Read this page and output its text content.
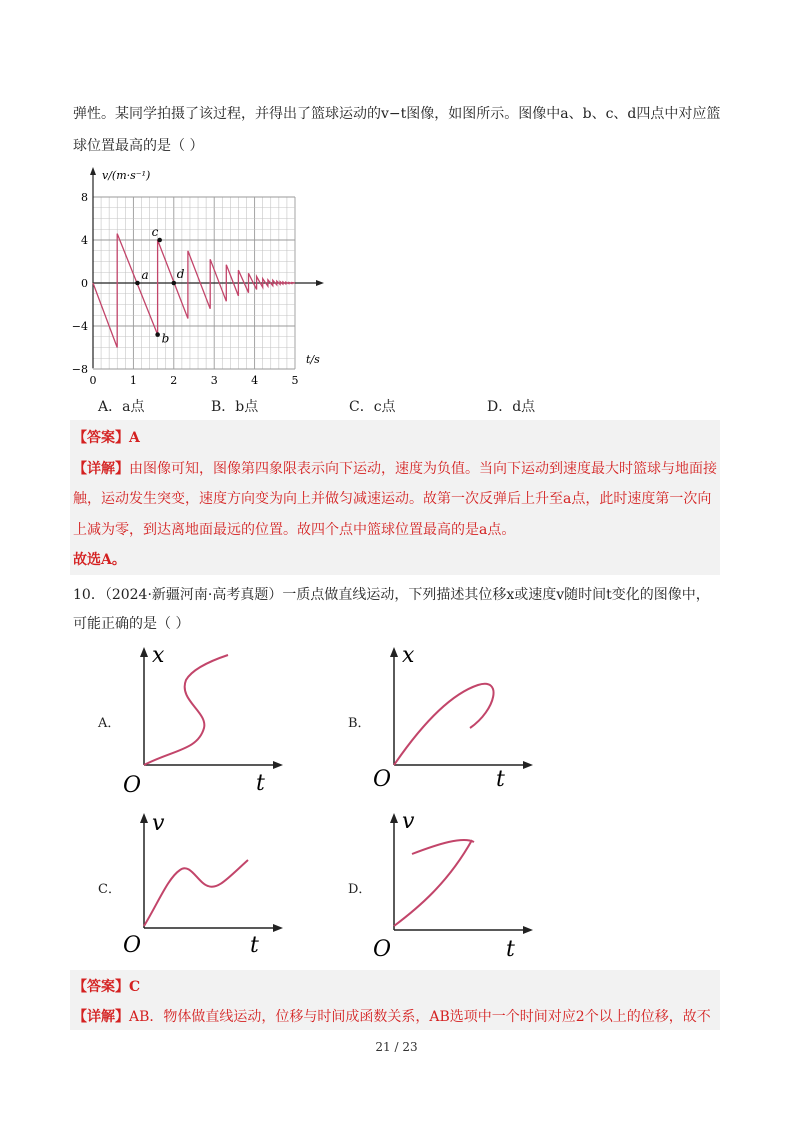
弹性。某同学拍摄了该过程，并得出了篮球运动的v−t图像，如图所示。图像中a、b、c、d四点中对应篮
球位置最高的是（ ）
v/(m·s⁻¹)
t/s
8
4
0
−4
−8
0	1	2	3	4	5
a
b
c
d
A．a点	B．b点	C．c点	D．d点
【答案】A
【详解】由图像可知，图像第四象限表示向下运动，速度为负值。当向下运动到速度最大时篮球与地面接
触，运动发生突变，速度方向变为向上并做匀减速运动。故第一次反弹后上升至a点，此时速度第一次向
上减为零，到达离地面最远的位置。故四个点中篮球位置最高的是a点。
故选A。
10．（2024·新疆河南·高考真题）一质点做直线运动，下列描述其位移x或速度v随时间t变化的图像中，
可能正确的是（ ）
A．
x
t
O
B．
x
t
O
C．
v
t
O
D．
v
t
O
【答案】C
【详解】AB．物体做直线运动，位移与时间成函数关系，AB选项中一个时间对应2个以上的位移，故不
21 / 23
